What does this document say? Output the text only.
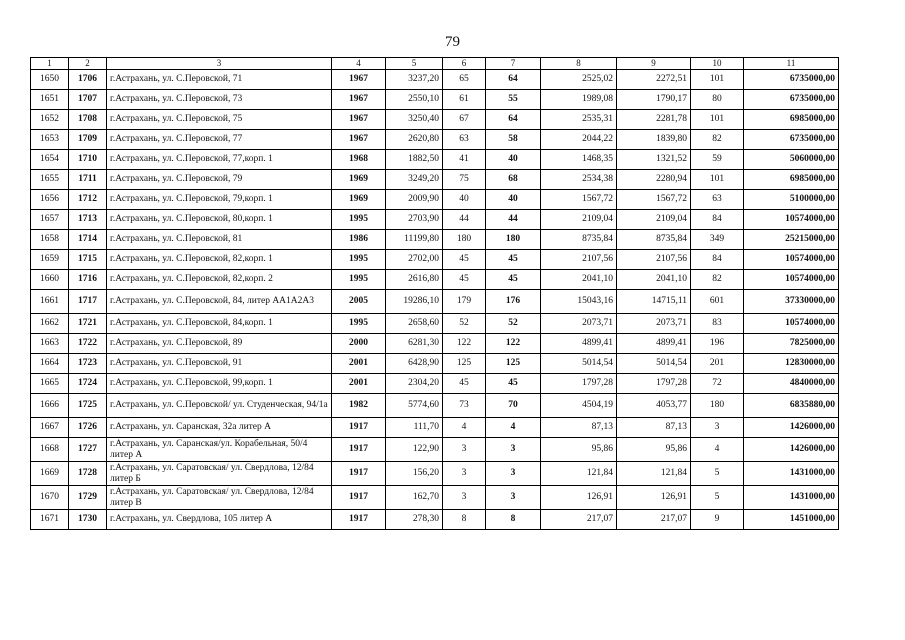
79
1	2	3	4	5	6	7	8	9	10	11
1650	1706	г.Астрахань, ул. С.Перовской, 71	1967	3237,20	65	64	2525,02	2272,51	101	6735000,00
1651	1707	г.Астрахань, ул. С.Перовской, 73	1967	2550,10	61	55	1989,08	1790,17	80	6735000,00
1652	1708	г.Астрахань, ул. С.Перовской, 75	1967	3250,40	67	64	2535,31	2281,78	101	6985000,00
1653	1709	г.Астрахань, ул. С.Перовской, 77	1967	2620,80	63	58	2044,22	1839,80	82	6735000,00
1654	1710	г.Астрахань, ул. С.Перовской, 77,корп. 1	1968	1882,50	41	40	1468,35	1321,52	59	5060000,00
1655	1711	г.Астрахань, ул. С.Перовской, 79	1969	3249,20	75	68	2534,38	2280,94	101	6985000,00
1656	1712	г.Астрахань, ул. С.Перовской, 79,корп. 1	1969	2009,90	40	40	1567,72	1567,72	63	5100000,00
1657	1713	г.Астрахань, ул. С.Перовской, 80,корп. 1	1995	2703,90	44	44	2109,04	2109,04	84	10574000,00
1658	1714	г.Астрахань, ул. С.Перовской, 81	1986	11199,80	180	180	8735,84	8735,84	349	25215000,00
1659	1715	г.Астрахань, ул. С.Перовской, 82,корп. 1	1995	2702,00	45	45	2107,56	2107,56	84	10574000,00
1660	1716	г.Астрахань, ул. С.Перовской, 82,корп. 2	1995	2616,80	45	45	2041,10	2041,10	82	10574000,00
1661	1717	г.Астрахань, ул. С.Перовской, 84, литер АА1А2А3	2005	19286,10	179	176	15043,16	14715,11	601	37330000,00
1662	1721	г.Астрахань, ул. С.Перовской, 84,корп. 1	1995	2658,60	52	52	2073,71	2073,71	83	10574000,00
1663	1722	г.Астрахань, ул. С.Перовской, 89	2000	6281,30	122	122	4899,41	4899,41	196	7825000,00
1664	1723	г.Астрахань, ул. С.Перовской, 91	2001	6428,90	125	125	5014,54	5014,54	201	12830000,00
1665	1724	г.Астрахань, ул. С.Перовской, 99,корп. 1	2001	2304,20	45	45	1797,28	1797,28	72	4840000,00
1666	1725	г.Астрахань, ул. С.Перовской/ ул. Студенческая, 94/1а	1982	5774,60	73	70	4504,19	4053,77	180	6835880,00
1667	1726	г.Астрахань, ул. Саранская, 32а литер А	1917	111,70	4	4	87,13	87,13	3	1426000,00
1668	1727	г.Астрахань, ул. Саранская/ул. Корабельная, 50/4 литер А	1917	122,90	3	3	95,86	95,86	4	1426000,00
1669	1728	г.Астрахань, ул. Саратовская/ ул. Свердлова, 12/84 литер Б	1917	156,20	3	3	121,84	121,84	5	1431000,00
1670	1729	г.Астрахань, ул. Саратовская/ ул. Свердлова, 12/84 литер В	1917	162,70	3	3	126,91	126,91	5	1431000,00
1671	1730	г.Астрахань, ул. Свердлова, 105 литер А	1917	278,30	8	8	217,07	217,07	9	1451000,00
